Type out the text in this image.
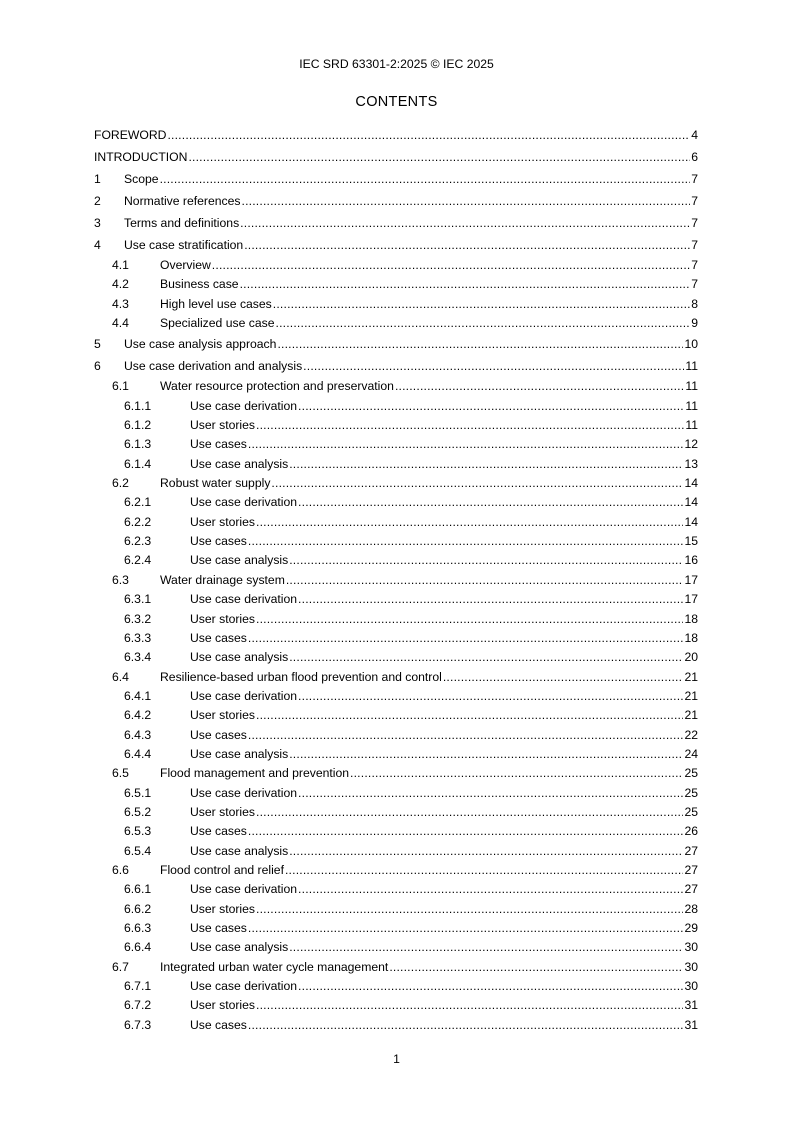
IEC SRD 63301-2:2025 © IEC 2025
CONTENTS
FOREWORD . . .	4
INTRODUCTION . . .	6
1	Scope . . .	7
2	Normative references . . .	7
3	Terms and definitions . . .	7
4	Use case stratification . . .	7
4.1	Overview . . .	7
4.2	Business case . . .	7
4.3	High level use cases . . .	8
4.4	Specialized use case . . .	9
5	Use case analysis approach . . .	10
6	Use case derivation and analysis . . .	11
6.1	Water resource protection and preservation . . .	11
6.1.1	Use case derivation . . .	11
6.1.2	User stories . . .	11
6.1.3	Use cases . . .	12
6.1.4	Use case analysis . . .	13
6.2	Robust water supply . . .	14
6.2.1	Use case derivation . . .	14
6.2.2	User stories . . .	14
6.2.3	Use cases . . .	15
6.2.4	Use case analysis . . .	16
6.3	Water drainage system . . .	17
6.3.1	Use case derivation . . .	17
6.3.2	User stories . . .	18
6.3.3	Use cases . . .	18
6.3.4	Use case analysis . . .	20
6.4	Resilience-based urban flood prevention and control . . .	21
6.4.1	Use case derivation . . .	21
6.4.2	User stories . . .	21
6.4.3	Use cases . . .	22
6.4.4	Use case analysis . . .	24
6.5	Flood management and prevention . . .	25
6.5.1	Use case derivation . . .	25
6.5.2	User stories . . .	25
6.5.3	Use cases . . .	26
6.5.4	Use case analysis . . .	27
6.6	Flood control and relief . . .	27
6.6.1	Use case derivation . . .	27
6.6.2	User stories . . .	28
6.6.3	Use cases . . .	29
6.6.4	Use case analysis . . .	30
6.7	Integrated urban water cycle management . . .	30
6.7.1	Use case derivation . . .	30
6.7.2	User stories . . .	31
6.7.3	Use cases . . .	31
1
